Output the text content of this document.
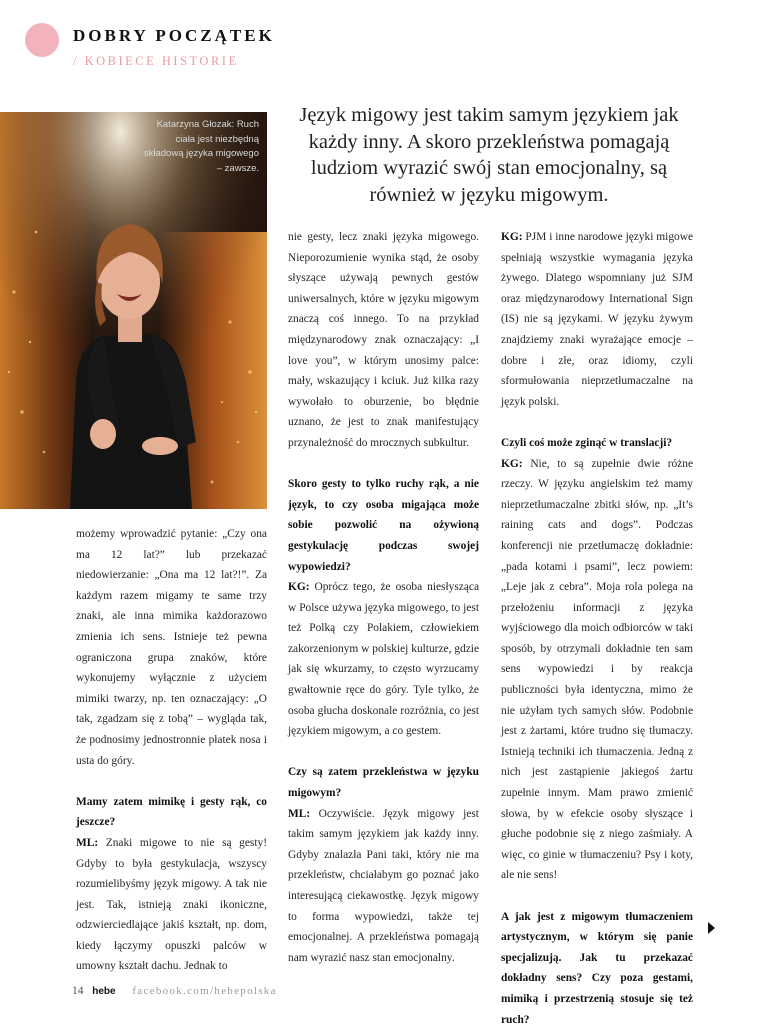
DOBRY POCZĄTEK
/ KOBIECE HISTORIE
Katarzyna Głozak: Ruch ciała jest niezbędną składową języka migowego – zawsze.
Język migowy jest takim samym językiem jak każdy inny. A skoro przekleństwa pomagają ludziom wyrazić swój stan emocjonalny, są również w języku migowym.

możemy wprowadzić pytanie: „Czy ona ma 12 lat?” lub przekazać niedowierzanie: „Ona ma 12 lat?!”. Za każdym razem migamy te same trzy znaki, ale inna mimika każdorazowo zmienia ich sens. Istnieje też pewna ograniczona grupa znaków, które wykonujemy wyłącznie z użyciem mimiki twarzy, np. ten oznaczający: „O tak, zgadzam się z tobą” – wygląda tak, że podnosimy jednostronnie płatek nosa i usta do góry.

Mamy zatem mimikę i gesty rąk, co jeszcze?

ML: Znaki migowe to nie są gesty! Gdyby to była gestykulacja, wszyscy rozumielibyśmy język migowy. A tak nie jest. Tak, istnieją znaki ikoniczne, odzwierciedlające jakiś kształt, np. dom, kiedy łączymy opuszki palców w umowny kształt dachu. Jednak to

nie gesty, lecz znaki języka migowego. Nieporozumienie wynika stąd, że osoby słyszące używają pewnych gestów uniwersalnych, które w języku migowym znaczą coś innego. To na przykład międzynarodowy znak oznaczający: „I love you”, w którym unosimy palce: mały, wskazujący i kciuk. Już kilka razy wywołało to oburzenie, bo błędnie uznano, że jest to znak manifestujący przynależność do mrocznych subkultur.

Skoro gesty to tylko ruchy rąk, a nie język, to czy osoba migająca może sobie pozwolić na ożywioną gestykulację podczas swojej wypowiedzi?

KG: Oprócz tego, że osoba niesłysząca w Polsce używa języka migowego, to jest też Polką czy Polakiem, człowiekiem zakorzenionym w polskiej kulturze, gdzie jak się wkurzamy, to często wyrzucamy gwałtownie ręce do góry. Tyle tylko, że osoba głucha doskonale rozróżnia, co jest językiem migowym, a co gestem.

Czy są zatem przekleństwa w języku migowym?

ML: Oczywiście. Język migowy jest takim samym językiem jak każdy inny. Gdyby znalazła Pani taki, który nie ma przekleństw, chciałabym go poznać jako interesującą ciekawostkę. Język migowy to forma wypowiedzi, także tej emocjonalnej. A przekleństwa pomagają nam wyrazić nasz stan emocjonalny.

KG: PJM i inne narodowe języki migowe spełniają wszystkie wymagania języka żywego. Dlatego wspomniany już SJM oraz międzynarodowy International Sign (IS) nie są językami. W języku żywym znajdziemy znaki wyrażające emocje – dobre i złe, oraz idiomy, czyli sformułowania nieprzetłumaczalne na język polski.

Czyli coś może zginąć w translacji?

KG: Nie, to są zupełnie dwie różne rzeczy. W języku angielskim też mamy nieprzetłumaczalne zbitki słów, np. „It’s raining cats and dogs”. Podczas konferencji nie przetłumaczę dokładnie: „pada kotami i psami”, lecz powiem: „Leje jak z cebra”. Moja rola polega na przełożeniu informacji z języka wyjściowego dla moich odbiorców w taki sposób, by otrzymali dokładnie ten sam sens wypowiedzi i by reakcja publiczności była identyczna, mimo że nie użyłam tych samych słów. Podobnie jest z żartami, które trudno się tłumaczy. Istnieją techniki ich tłumaczenia. Jedną z nich jest zastąpienie jakiegoś żartu zupełnie innym. Mam prawo zmienić słowa, by w efekcie osoby słyszące i głuche podobnie się z niego zaśmiały. A więc, co ginie w tłumaczeniu? Psy i koty, ale nie sens!

A jak jest z migowym tłumaczeniem artystycznym, w którym się panie specjalizują. Jak tu przekazać dokładny sens? Czy poza gestami, mimiką i przestrzenią stosuje się też ruch?

14 hebe facebook.com/hebepolska
